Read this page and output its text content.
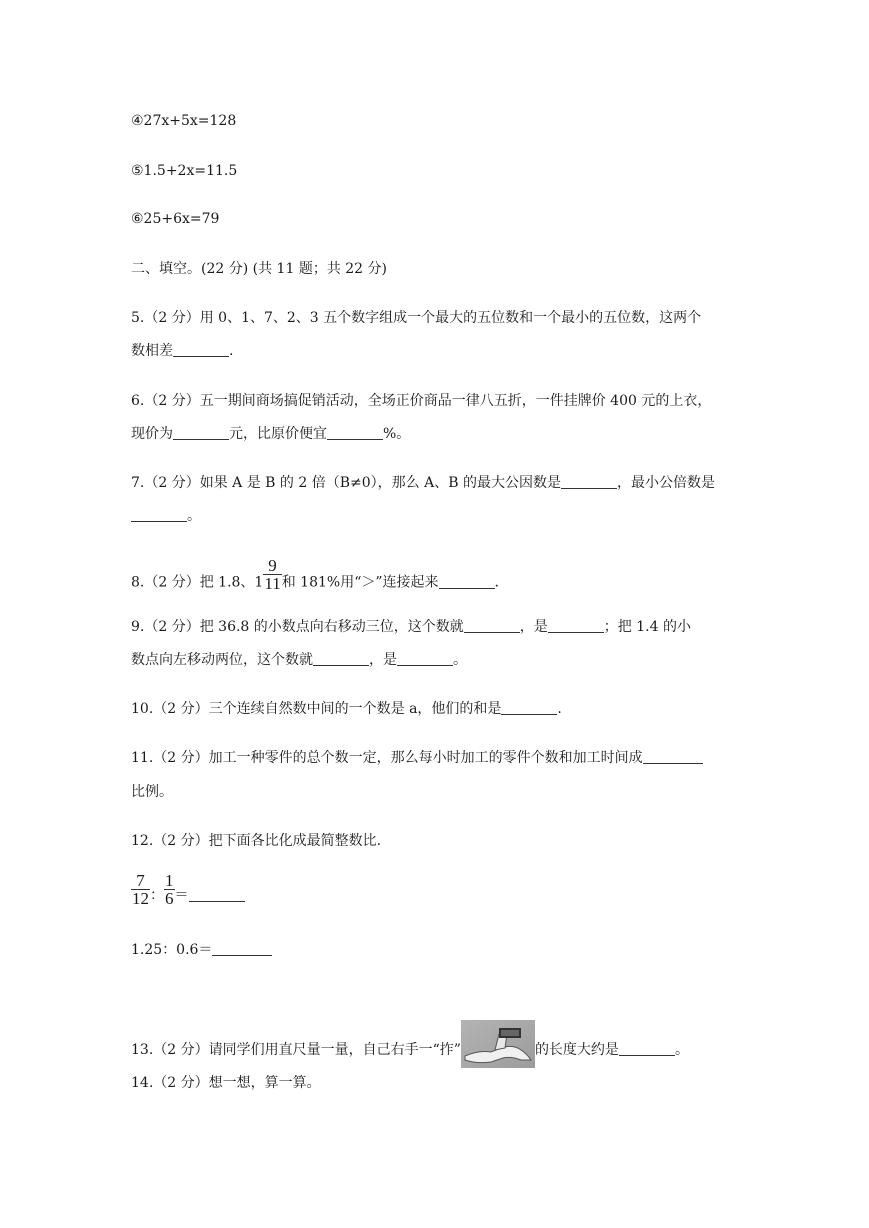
④27x+5x=128
⑤1.5+2x=11.5
⑥25+6x=79
二、填空。(22 分) (共 11 题；共 22 分)
5.（2 分）用 0、1、7、2、3 五个数字组成一个最大的五位数和一个最小的五位数，这两个
数相差	.
6.（2 分）五一期间商场搞促销活动，全场正价商品一律八五折，一件挂牌价 400 元的上衣，
现价为	元，比原价便宜	%。
7.（2 分）如果 A 是 B 的 2 倍（B≠0），那么 A、B 的最大公因数是	，最小公倍数是
。
8.（2 分）把 1.8、$1 \frac{9}{11}$ 和 181%用“＞”连接起来	.
9.（2 分）把 36.8 的小数点向右移动三位，这个数就	，是	；把 1.4 的小
数点向左移动两位，这个数就	，是	。
10.（2 分）三个连续自然数中间的一个数是 a，他们的和是	.
11.（2 分）加工一种零件的总个数一定，那么每小时加工的零件个数和加工时间成
比例。
12.（2 分）把下面各比化成最简整数比.
$\frac{7}{12}$ ： $\frac{1}{6}$ ＝
1.25：0.6＝
13.（2 分）请同学们用直尺量一量，自己右手一“拃”	的长度大约是	。
14.（2 分）想一想，算一算。
